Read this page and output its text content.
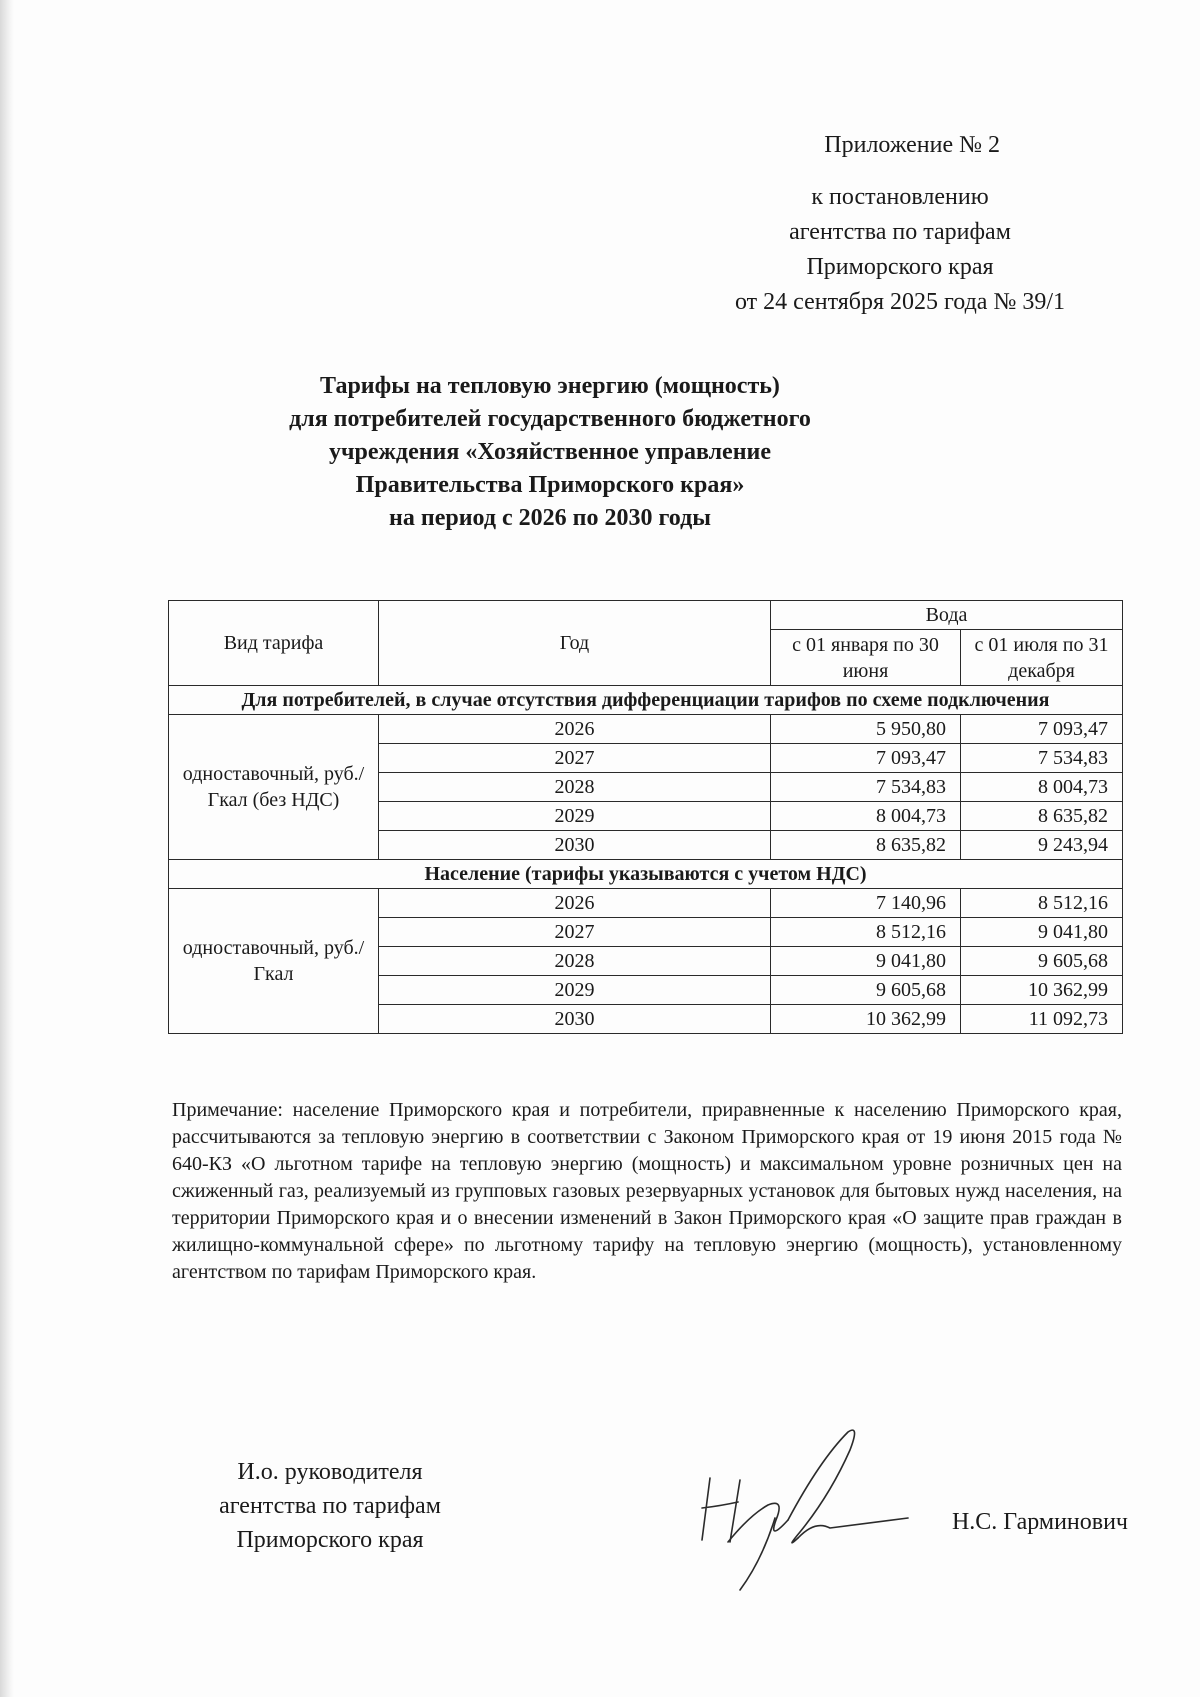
Приложение № 2
к постановлению
агентства по тарифам
Приморского края
от 24 сентября 2025 года № 39/1
Тарифы на тепловую энергию (мощность)
для потребителей государственного бюджетного
учреждения «Хозяйственное управление
Правительства Приморского края»
на период с 2026 по 2030 годы
Вид тарифа	Год	Вода	
		с 01 января по 30 июня	с 01 июля по 31 декабря
Для потребителей, в случае отсутствия дифференциации тарифов по схеме подключения			
одноставочный, руб./Гкал (без НДС)	2026	5 950,80	7 093,47
	2027	7 093,47	7 534,83
	2028	7 534,83	8 004,73
	2029	8 004,73	8 635,82
	2030	8 635,82	9 243,94
Население (тарифы указываются с учетом НДС)			
одноставочный, руб./Гкал	2026	7 140,96	8 512,16
	2027	8 512,16	9 041,80
	2028	9 041,80	9 605,68
	2029	9 605,68	10 362,99
	2030	10 362,99	11 092,73
Примечание: население Приморского края и потребители, приравненные к населению Приморского края, рассчитываются за тепловую энергию в соответствии с Законом Приморского края от 19 июня 2015 года № 640-КЗ «О льготном тарифе на тепловую энергию (мощность) и максимальном уровне розничных цен на сжиженный газ, реализуемый из групповых газовых резервуарных установок для бытовых нужд населения, на территории Приморского края и о внесении изменений в Закон Приморского края «О защите прав граждан в жилищно-коммунальной сфере» по льготному тарифу на тепловую энергию (мощность), установленному агентством по тарифам Приморского края.
И.о. руководителя
агентства по тарифам
Приморского края
Н.С. Гарминович
